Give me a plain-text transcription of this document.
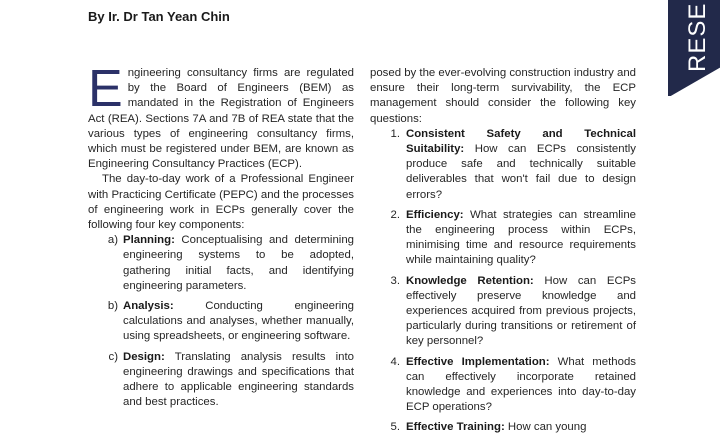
By Ir. Dr Tan Yean Chin	RESE

Engineering consultancy firms are regulated by the Board of Engineers (BEM) as mandated in the Registration of Engineers Act (REA). Sections 7A and 7B of REA state that the various types of engineering consultancy firms, which must be registered under BEM, are known as Engineering Consultancy Practices (ECP).

The day-to-day work of a Professional Engineer with Practicing Certificate (PEPC) and the processes of engineering work in ECPs generally cover the following four key components:

a) Planning: Conceptualising and determining engineering systems to be adopted, gathering initial facts, and identifying engineering parameters.
b) Analysis:	Conducting engineering calculations and analyses, whether manually, using spreadsheets, or engineering software.
c) Design: Translating analysis results into engineering drawings and specifications that adhere to applicable engineering standards and best practices.

posed by the ever-evolving construction industry and ensure their long-term survivability, the ECP management should consider the following key questions:

1. Consistent Safety and Technical Suitability: How can ECPs consistently produce safe and technically suitable deliverables that won't fail due to design errors?
2. Efficiency: What strategies can streamline the engineering process within ECPs, minimising time and resource requirements while maintaining quality?
3. Knowledge Retention: How can ECPs effectively preserve knowledge and experiences acquired from previous projects, particularly during transitions or retirement of key personnel?
4. Effective Implementation: What methods can effectively incorporate retained knowledge and experiences into day-to-day ECP operations?
5. Effective Training: How can young
